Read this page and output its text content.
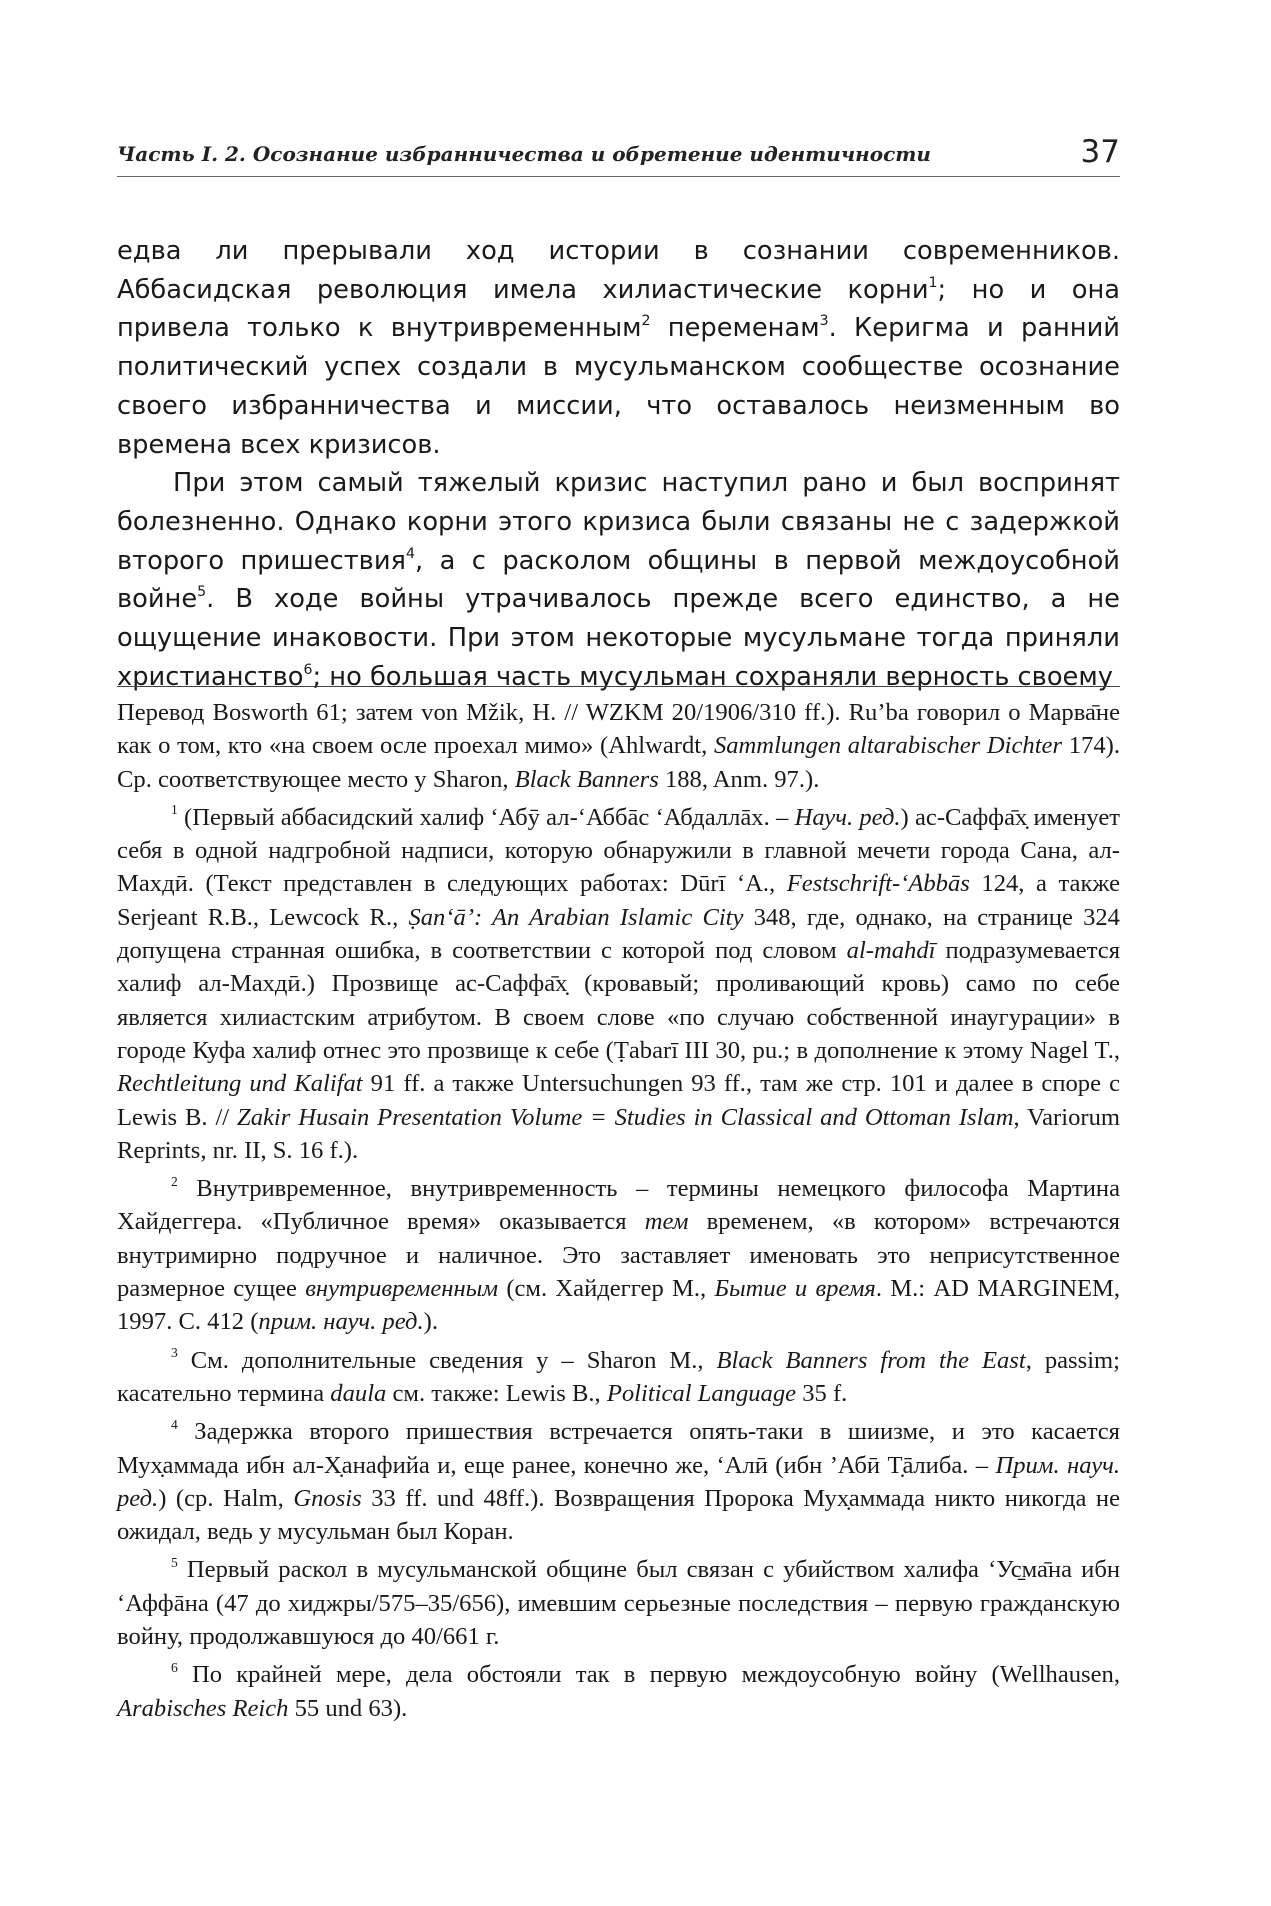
Часть I. 2. Осознание избранничества и обретение идентичности	37

едва ли прерывали ход истории в сознании современников. Аббасидская революция имела хилиастические корни$^1$; но и она привела только к внутривременным$^2$ переменам$^3$. Керигма и ранний политический успех создали в мусульманском сообществе осознание своего избранничества и миссии, что оставалось неизменным во времена всех кризисов.

При этом самый тяжелый кризис наступил рано и был воспринят болезненно. Однако корни этого кризиса были связаны не с задержкой второго пришествия$^4$, а с расколом общины в первой междоусобной войне$^5$. В ходе войны утрачивалось прежде всего единство, а не ощущение инаковости. При этом некоторые мусульмане тогда приняли христианство$^6$; но большая часть мусульман сохраняли верность своему

Перевод Bosworth 61; затем von Mžik, H. // WZKM 20/1906/310 ff.). Ru’ba говорил о Марва̄не как о том, кто «на своем осле проехал мимо» (Ahlwardt, Sammlungen altarabischer Dichter 174). Ср. соответствующее место у Sharon, Black Banners 188, Anm. 97.).

$^1$ (Первый аббасидский халиф ‘Абӯ ал-‘Аббāс ‘Абдаллāх. – Науч. ред.) ас-Саффа̄х̣ именует себя в одной надгробной надписи, которую обнаружили в главной мечети города Сана, ал-Махдӣ. (Текст представлен в следующих работах: Dūrī ‘A., Festschrift-‘Abbās 124, а также Serjeant R.B., Lewcock R., Ṣan‘ā’: An Arabian Islamic City 348, где, однако, на странице 324 допущена странная ошибка, в соответствии с которой под словом al-mahdī подразумевается халиф ал-Махдӣ.) Прозвище ас-Саффа̄х̣ (кровавый; проливающий кровь) само по себе является хилиастским атрибутом. В своем слове «по случаю собственной инаугурации» в городе Куфа халиф отнес это прозвище к себе (Ṭabarī III 30, pu.; в дополнение к этому Nagel T., Rechtleitung und Kalifat 91 ff. а также Untersuchungen 93 ff., там же стр. 101 и далее в споре с Lewis B. // Zakir Husain Presentation Volume = Studies in Classical and Ottoman Islam, Variorum Reprints, nr. II, S. 16 f.).

$^2$ Внутривременное, внутривременность – термины немецкого философа Мартина Хайдеггера. «Публичное время» оказывается тем временем, «в котором» встречаются внутримирно подручное и наличное. Это заставляет именовать это неприсутственное размерное сущее внутривременным (см. Хайдеггер М., Бытие и время. М.: AD MARGINEM, 1997. С. 412 (прим. науч. ред.).

$^3$ См. дополнительные сведения у – Sharon M., Black Banners from the East, passim; касательно термина daula см. также: Lewis B., Political Language 35 f.

$^4$ Задержка второго пришествия встречается опять-таки в шиизме, и это касается Мух̣аммада ибн ал-Х̣анафийа и, еще ранее, конечно же, ‘Алӣ (ибн ’Абӣ Т̣āлиба. – Прим. науч. ред.) (ср. Halm, Gnosis 33 ff. und 48ff.). Возвращения Пророка Мух̣аммада никто никогда не ожидал, ведь у мусульман был Коран.

$^5$ Первый раскол в мусульманской общине был связан с убийством халифа ‘Ус̱ма̄на ибн ‘Аффāна (47 до хиджры/575–35/656), имевшим серьезные последствия – первую гражданскую войну, продолжавшуюся до 40/661 г.

$^6$ По крайней мере, дела обстояли так в первую междоусобную войну (Wellhausen, Arabisches Reich 55 und 63).
